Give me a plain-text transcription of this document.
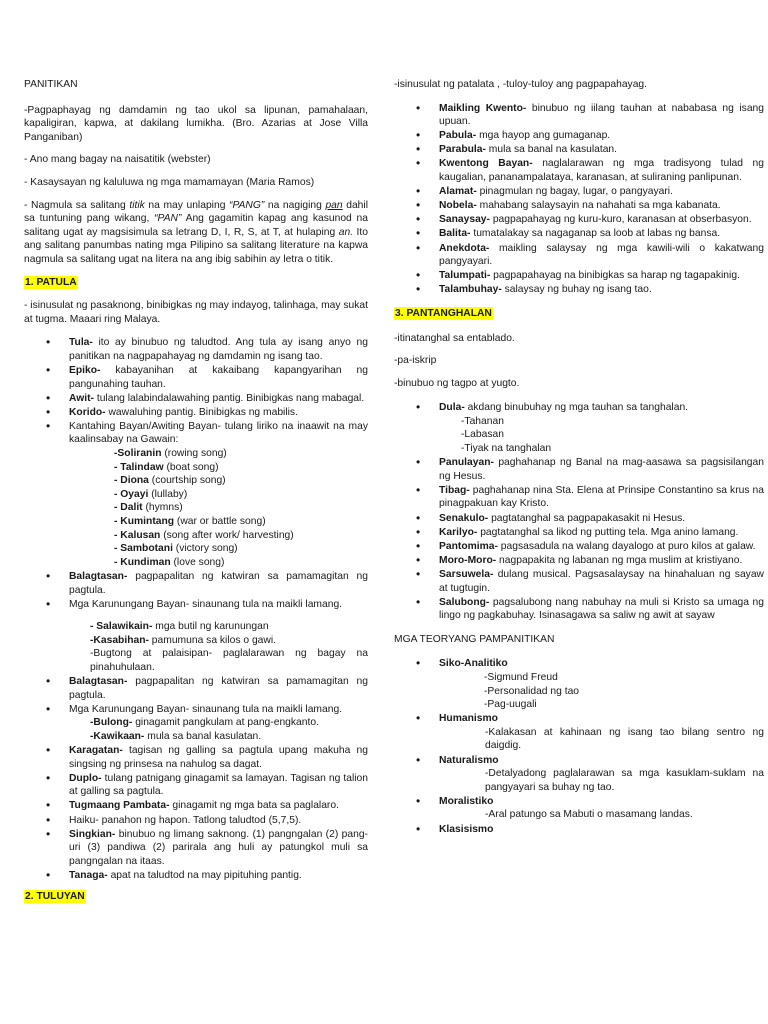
PANITIKAN

-Pagpaphayag ng damdamin ng tao ukol sa lipunan, pamahalaan, kapaligiran, kapwa, at dakilang lumikha. (Bro. Azarias at Jose Villa Panganiban)

- Ano mang bagay na naisatitik (webster)

- Kasaysayan ng kaluluwa ng mga mamamayan (Maria Ramos)

- Nagmula sa salitang titik na may unlaping “PANG” na nagiging pan dahil sa tuntuning pang wikang, “PAN” Ang gagamitin kapag ang kasunod na salitang ugat ay magsisimula sa letrang D, I, R, S, at T, at hulaping an. Ito ang salitang panumbas nating mga Pilipino sa salitang literature na kapwa nagmula sa salitang ugat na litera na ang ibig sabihin ay letra o titik.

1. PATULA

- isinusulat ng pasaknong, binibigkas ng may indayog, talinhaga, may sukat at tugma. Maaari ring Malaya.

• Tula- ito ay binubuo ng taludtod. Ang tula ay isang anyo ng panitikan na nagpapahayag ng damdamin ng isang tao.
• Epiko- kabayanihan at kakaibang kapangyarihan ng pangunahing tauhan.
• Awit- tulang lalabindalawahing pantig. Binibigkas nang mabagal.
• Korido- wawaluhing pantig. Binibigkas ng mabilis.
• Kantahing Bayan/Awiting Bayan- tulang liriko na inaawit na may kaalinsabay na Gawain:
-Soliranin (rowing song)
- Talindaw (boat song)
- Diona (courtship song)
- Oyayi (lullaby)
- Dalit (hymns)
- Kumintang (war or battle song)
- Kalusan (song after work/ harvesting)
- Sambotani (victory song)
- Kundiman (love song)
• Balagtasan- pagpapalitan ng katwiran sa pamamagitan ng pagtula.
• Mga Karunungang Bayan- sinaunang tula na maikli lamang.
- Salawikain- mga butil ng karunungan
-Kasabihan- pamumuna sa kilos o gawi.
-Bugtong at palaisipan- paglalarawan ng bagay na pinahuhulaan.
• Balagtasan- pagpapalitan ng katwiran sa pamamagitan ng pagtula.
• Mga Karunungang Bayan- sinaunang tula na maikli lamang.
-Bulong- ginagamit pangkulam at pang-engkanto.
-Kawikaan- mula sa banal kasulatan.
• Karagatan- tagisan ng galling sa pagtula upang makuha ng singsing ng prinsesa na nahulog sa dagat.
• Duplo- tulang patnigang ginagamit sa lamayan. Tagisan ng talion at galling sa pagtula.
• Tugmaang Pambata- ginagamit ng mga bata sa paglalaro.
• Haiku- panahon ng hapon. Tatlong taludtod (5,7,5).
• Singkian- binubuo ng limang saknong. (1) pangngalan (2) pang-uri (3) pandiwa (2) parirala ang huli ay patungkol muli sa pangngalan na itaas.
• Tanaga- apat na taludtod na may pipituhing pantig.

2. TULUYAN

-isinusulat ng patalata , -tuloy-tuloy ang pagpapahayag.

• Maikling Kwento- binubuo ng iilang tauhan at nababasa ng isang upuan.
• Pabula- mga hayop ang gumaganap.
• Parabula- mula sa banal na kasulatan.
• Kwentong Bayan- naglalarawan ng mga tradisyong tulad ng kaugalian, pananampalataya, karanasan, at suliraning panlipunan.
• Alamat- pinagmulan ng bagay, lugar, o pangyayari.
• Nobela- mahabang salaysayin na nahahati sa mga kabanata.
• Sanaysay- pagpapahayag ng kuru-kuro, karanasan at obserbasyon.
• Balita- tumatalakay sa nagaganap sa loob at labas ng bansa.
• Anekdota- maikling salaysay ng mga kawili-wili o kakatwang pangyayari.
• Talumpati- pagpapahayag na binibigkas sa harap ng tagapakinig.
• Talambuhay- salaysay ng buhay ng isang tao.

3. PANTANGHALAN

-itinatanghal sa entablado.

-pa-iskrip

-binubuo ng tagpo at yugto.

• Dula- akdang binubuhay ng mga tauhan sa tanghalan.
-Tahanan
-Labasan
-Tiyak na tanghalan
• Panulayan- paghahanap ng Banal na mag-aasawa sa pagsisilangan ng Hesus.
• Tibag- paghahanap nina Sta. Elena at Prinsipe Constantino sa krus na pinagpakuan kay Kristo.
• Senakulo- pagtatanghal sa pagpapakasakit ni Hesus.
• Karilyo- pagtatanghal sa likod ng putting tela. Mga anino lamang.
• Pantomima- pagsasadula na walang dayalogo at puro kilos at galaw.
• Moro-Moro- nagpapakita ng labanan ng mga muslim at kristiyano.
• Sarsuwela- dulang musical. Pagsasalaysay na hinahaluan ng sayaw at tugtugin.
• Salubong- pagsalubong nang nabuhay na muli si Kristo sa umaga ng lingo ng pagkabuhay. Isinasagawa sa saliw ng awit at sayaw

MGA TEORYANG PAMPANITIKAN

• Siko-Analitiko
-Sigmund Freud
-Personalidad ng tao
-Pag-uugali
• Humanismo
-Kalakasan at kahinaan ng isang tao bilang sentro ng daigdig.
• Naturalismo
-Detalyadong paglalarawan sa mga kasuklam-suklam na pangyayari sa buhay ng tao.
• Moralistiko
-Aral patungo sa Mabuti o masamang landas.
• Klasisismo
